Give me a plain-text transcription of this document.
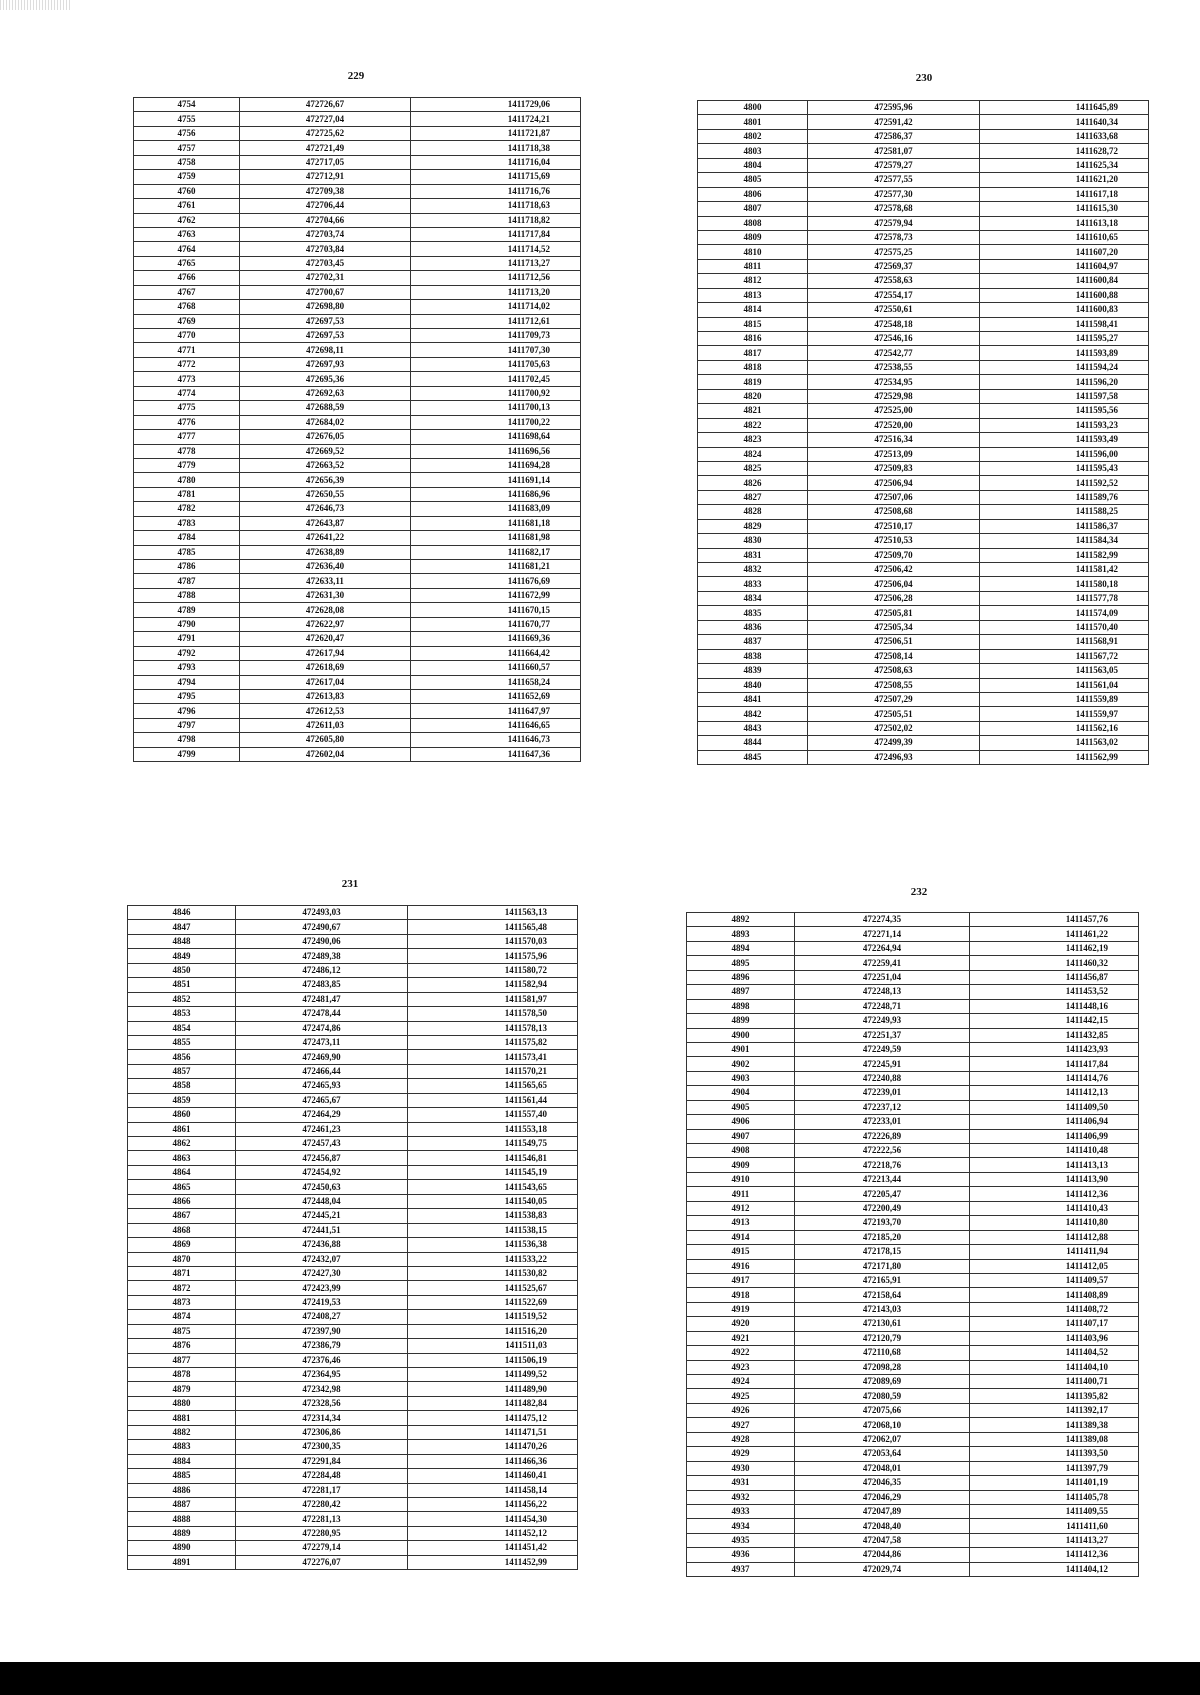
229
4754	472726,67	1411729,06
4755	472727,04	1411724,21
4756	472725,62	1411721,87
4757	472721,49	1411718,38
4758	472717,05	1411716,04
4759	472712,91	1411715,69
4760	472709,38	1411716,76
4761	472706,44	1411718,63
4762	472704,66	1411718,82
4763	472703,74	1411717,84
4764	472703,84	1411714,52
4765	472703,45	1411713,27
4766	472702,31	1411712,56
4767	472700,67	1411713,20
4768	472698,80	1411714,02
4769	472697,53	1411712,61
4770	472697,53	1411709,73
4771	472698,11	1411707,30
4772	472697,93	1411705,63
4773	472695,36	1411702,45
4774	472692,63	1411700,92
4775	472688,59	1411700,13
4776	472684,02	1411700,22
4777	472676,05	1411698,64
4778	472669,52	1411696,56
4779	472663,52	1411694,28
4780	472656,39	1411691,14
4781	472650,55	1411686,96
4782	472646,73	1411683,09
4783	472643,87	1411681,18
4784	472641,22	1411681,98
4785	472638,89	1411682,17
4786	472636,40	1411681,21
4787	472633,11	1411676,69
4788	472631,30	1411672,99
4789	472628,08	1411670,15
4790	472622,97	1411670,77
4791	472620,47	1411669,36
4792	472617,94	1411664,42
4793	472618,69	1411660,57
4794	472617,04	1411658,24
4795	472613,83	1411652,69
4796	472612,53	1411647,97
4797	472611,03	1411646,65
4798	472605,80	1411646,73
4799	472602,04	1411647,36
230
4800	472595,96	1411645,89
4801	472591,42	1411640,34
4802	472586,37	1411633,68
4803	472581,07	1411628,72
4804	472579,27	1411625,34
4805	472577,55	1411621,20
4806	472577,30	1411617,18
4807	472578,68	1411615,30
4808	472579,94	1411613,18
4809	472578,73	1411610,65
4810	472575,25	1411607,20
4811	472569,37	1411604,97
4812	472558,63	1411600,84
4813	472554,17	1411600,88
4814	472550,61	1411600,83
4815	472548,18	1411598,41
4816	472546,16	1411595,27
4817	472542,77	1411593,89
4818	472538,55	1411594,24
4819	472534,95	1411596,20
4820	472529,98	1411597,58
4821	472525,00	1411595,56
4822	472520,00	1411593,23
4823	472516,34	1411593,49
4824	472513,09	1411596,00
4825	472509,83	1411595,43
4826	472506,94	1411592,52
4827	472507,06	1411589,76
4828	472508,68	1411588,25
4829	472510,17	1411586,37
4830	472510,53	1411584,34
4831	472509,70	1411582,99
4832	472506,42	1411581,42
4833	472506,04	1411580,18
4834	472506,28	1411577,78
4835	472505,81	1411574,09
4836	472505,34	1411570,40
4837	472506,51	1411568,91
4838	472508,14	1411567,72
4839	472508,63	1411563,05
4840	472508,55	1411561,04
4841	472507,29	1411559,89
4842	472505,51	1411559,97
4843	472502,02	1411562,16
4844	472499,39	1411563,02
4845	472496,93	1411562,99
231
4846	472493,03	1411563,13
4847	472490,67	1411565,48
4848	472490,06	1411570,03
4849	472489,38	1411575,96
4850	472486,12	1411580,72
4851	472483,85	1411582,94
4852	472481,47	1411581,97
4853	472478,44	1411578,50
4854	472474,86	1411578,13
4855	472473,11	1411575,82
4856	472469,90	1411573,41
4857	472466,44	1411570,21
4858	472465,93	1411565,65
4859	472465,67	1411561,44
4860	472464,29	1411557,40
4861	472461,23	1411553,18
4862	472457,43	1411549,75
4863	472456,87	1411546,81
4864	472454,92	1411545,19
4865	472450,63	1411543,65
4866	472448,04	1411540,05
4867	472445,21	1411538,83
4868	472441,51	1411538,15
4869	472436,88	1411536,38
4870	472432,07	1411533,22
4871	472427,30	1411530,82
4872	472423,99	1411525,67
4873	472419,53	1411522,69
4874	472408,27	1411519,52
4875	472397,90	1411516,20
4876	472386,79	1411511,03
4877	472376,46	1411506,19
4878	472364,95	1411499,52
4879	472342,98	1411489,90
4880	472328,56	1411482,84
4881	472314,34	1411475,12
4882	472306,86	1411471,51
4883	472300,35	1411470,26
4884	472291,84	1411466,36
4885	472284,48	1411460,41
4886	472281,17	1411458,14
4887	472280,42	1411456,22
4888	472281,13	1411454,30
4889	472280,95	1411452,12
4890	472279,14	1411451,42
4891	472276,07	1411452,99
232
4892	472274,35	1411457,76
4893	472271,14	1411461,22
4894	472264,94	1411462,19
4895	472259,41	1411460,32
4896	472251,04	1411456,87
4897	472248,13	1411453,52
4898	472248,71	1411448,16
4899	472249,93	1411442,15
4900	472251,37	1411432,85
4901	472249,59	1411423,93
4902	472245,91	1411417,84
4903	472240,88	1411414,76
4904	472239,01	1411412,13
4905	472237,12	1411409,50
4906	472233,01	1411406,94
4907	472226,89	1411406,99
4908	472222,56	1411410,48
4909	472218,76	1411413,13
4910	472213,44	1411413,90
4911	472205,47	1411412,36
4912	472200,49	1411410,43
4913	472193,70	1411410,80
4914	472185,20	1411412,88
4915	472178,15	1411411,94
4916	472171,80	1411412,05
4917	472165,91	1411409,57
4918	472158,64	1411408,89
4919	472143,03	1411408,72
4920	472130,61	1411407,17
4921	472120,79	1411403,96
4922	472110,68	1411404,52
4923	472098,28	1411404,10
4924	472089,69	1411400,71
4925	472080,59	1411395,82
4926	472075,66	1411392,17
4927	472068,10	1411389,38
4928	472062,07	1411389,08
4929	472053,64	1411393,50
4930	472048,01	1411397,79
4931	472046,35	1411401,19
4932	472046,29	1411405,78
4933	472047,89	1411409,55
4934	472048,40	1411411,60
4935	472047,58	1411413,27
4936	472044,86	1411412,36
4937	472029,74	1411404,12
